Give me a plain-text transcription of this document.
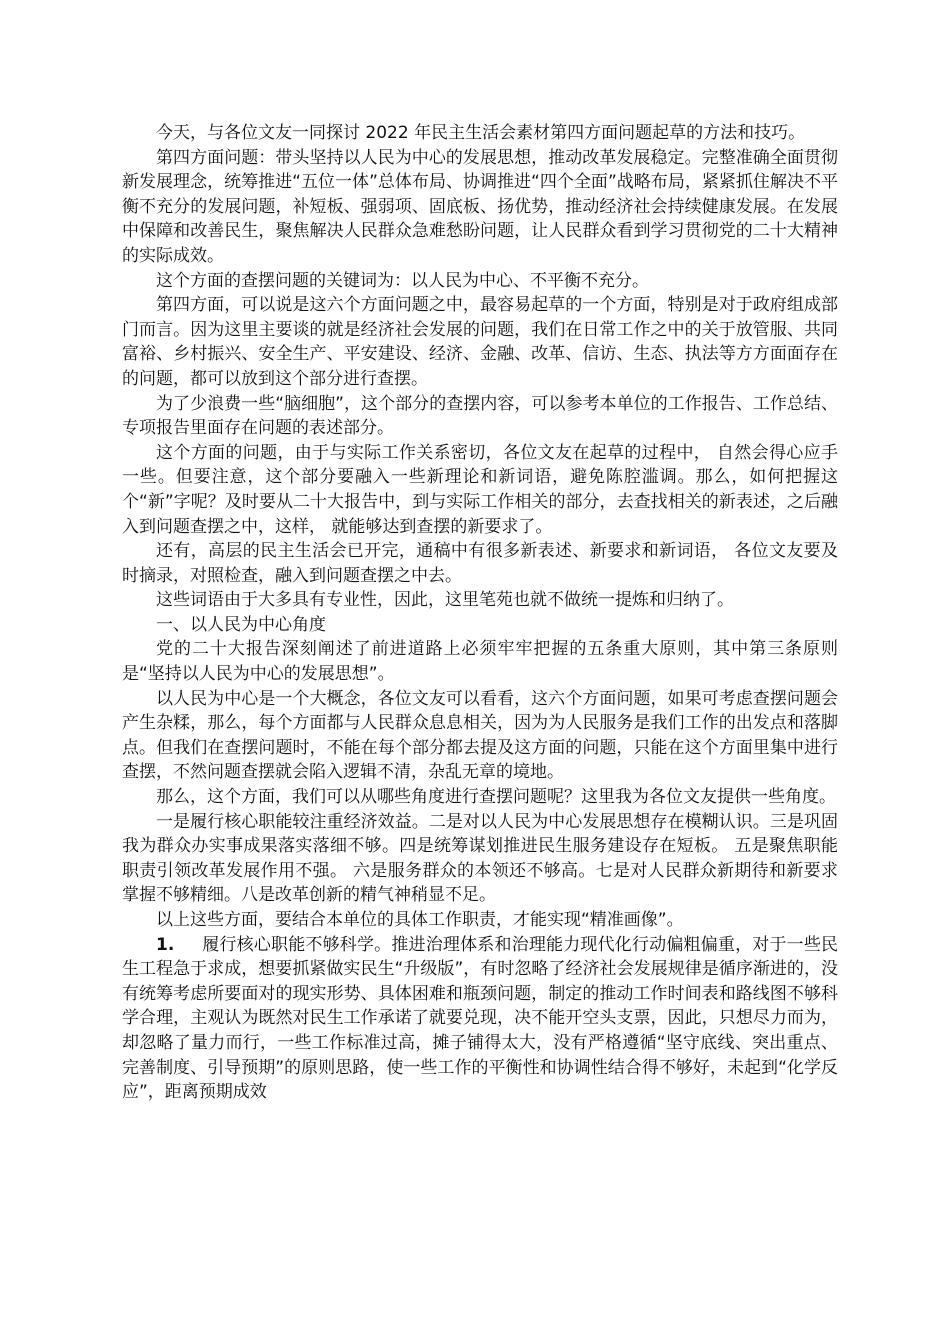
今天，与各位文友一同探讨 2022 年民主生活会素材第四方面问题起草的方法和技巧。

第四方面问题：带头坚持以人民为中心的发展思想，推动改革发展稳定。完整准确全面贯彻新发展理念，统筹推进“五位一体”总体布局、协调推进“四个全面”战略布局，紧紧抓住解决不平衡不充分的发展问题，补短板、强弱项、固底板、扬优势，推动经济社会持续健康发展。在发展中保障和改善民生，聚焦解决人民群众急难愁盼问题，让人民群众看到学习贯彻党的二十大精神的实际成效。

这个方面的查摆问题的关键词为：以人民为中心、不平衡不充分。

第四方面，可以说是这六个方面问题之中，最容易起草的一个方面，特别是对于政府组成部门而言。因为这里主要谈的就是经济社会发展的问题，我们在日常工作之中的关于放管服、共同富裕、乡村振兴、安全生产、平安建设、经济、金融、改革、信访、生态、执法等方方面面存在的问题，都可以放到这个部分进行查摆。

为了少浪费一些“脑细胞”，这个部分的查摆内容，可以参考本单位的工作报告、工作总结、专项报告里面存在问题的表述部分。

这个方面的问题，由于与实际工作关系密切，各位文友在起草的过程中， 自然会得心应手一些。但要注意，这个部分要融入一些新理论和新词语，避免陈腔滥调。那么，如何把握这个“新”字呢？及时要从二十大报告中，到与实际工作相关的部分，去查找相关的新表述，之后融入到问题查摆之中，这样， 就能够达到查摆的新要求了。

还有，高层的民主生活会已开完，通稿中有很多新表述、新要求和新词语， 各位文友要及时摘录，对照检查，融入到问题查摆之中去。

这些词语由于大多具有专业性，因此，这里笔苑也就不做统一提炼和归纳了。

一、以人民为中心角度

党的二十大报告深刻阐述了前进道路上必须牢牢把握的五条重大原则，其中第三条原则是“坚持以人民为中心的发展思想”。

以人民为中心是一个大概念，各位文友可以看看，这六个方面问题，如果可考虑查摆问题会产生杂糅，那么，每个方面都与人民群众息息相关，因为为人民服务是我们工作的出发点和落脚点。但我们在查摆问题时，不能在每个部分都去提及这方面的问题，只能在这个方面里集中进行查摆，不然问题查摆就会陷入逻辑不清，杂乱无章的境地。

那么，这个方面，我们可以从哪些角度进行查摆问题呢？这里我为各位文友提供一些角度。

一是履行核心职能较注重经济效益。二是对以人民为中心发展思想存在模糊认识。三是巩固我为群众办实事成果落实落细不够。四是统筹谋划推进民生服务建设存在短板。 五是聚焦职能职责引领改革发展作用不强。 六是服务群众的本领还不够高。七是对人民群众新期待和新要求掌握不够精细。八是改革创新的精气神稍显不足。

以上这些方面，要结合本单位的具体工作职责，才能实现“精准画像”。

1. 履行核心职能不够科学。推进治理体系和治理能力现代化行动偏粗偏重，对于一些民生工程急于求成，想要抓紧做实民生“升级版”，有时忽略了经济社会发展规律是循序渐进的，没有统筹考虑所要面对的现实形势、具体困难和瓶颈问题，制定的推动工作时间表和路线图不够科学合理，主观认为既然对民生工作承诺了就要兑现，决不能开空头支票，因此，只想尽力而为，却忽略了量力而行，一些工作标准过高，摊子铺得太大，没有严格遵循“坚守底线、突出重点、完善制度、引导预期”的原则思路，使一些工作的平衡性和协调性结合得不够好，未起到“化学反应”，距离预期成效
